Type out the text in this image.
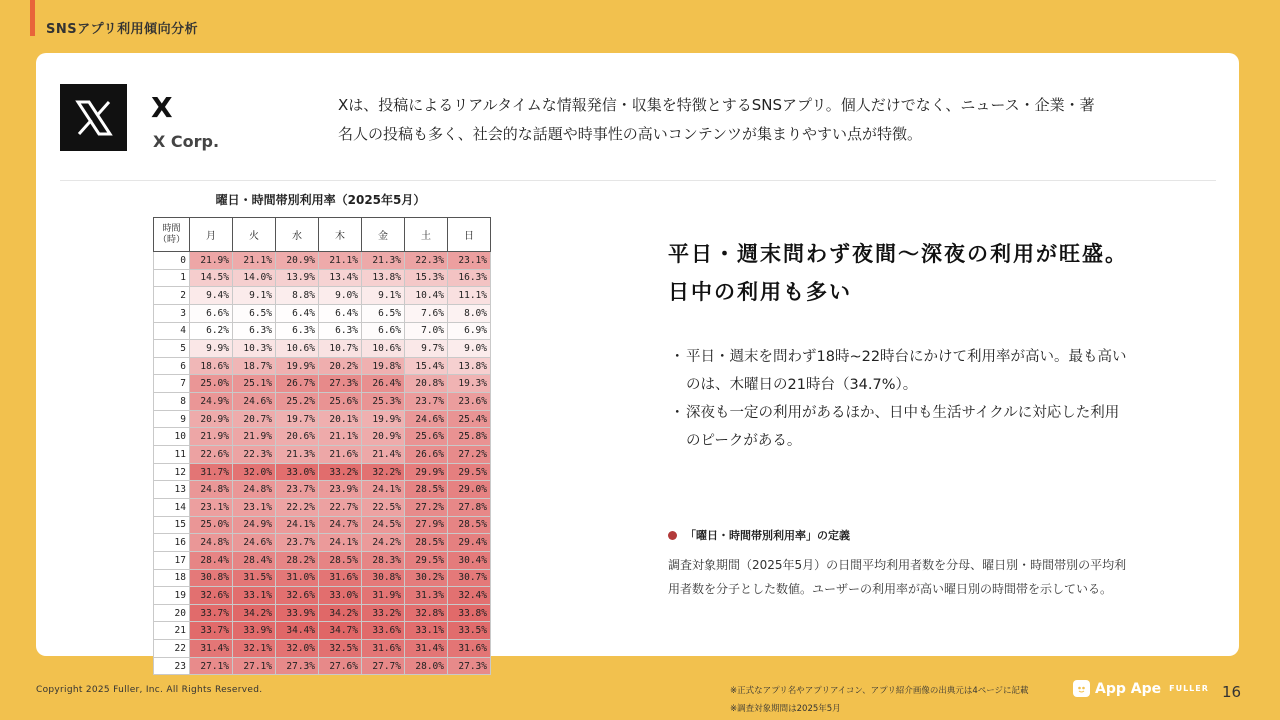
SNSアプリ利用傾向分析
X
X Corp.
Xは、投稿によるリアルタイムな情報発信・収集を特徴とするSNSアプリ。個人だけでなく、ニュース・企業・著名人の投稿も多く、社会的な話題や時事性の高いコンテンツが集まりやすい点が特徴。
曜日・時間帯別利用率（2025年5月）
時間
（時）	月	火	水	木	金	土	日
0	21.9%	21.1%	20.9%	21.1%	21.3%	22.3%	23.1%
1	14.5%	14.0%	13.9%	13.4%	13.8%	15.3%	16.3%
2	9.4%	9.1%	8.8%	9.0%	9.1%	10.4%	11.1%
3	6.6%	6.5%	6.4%	6.4%	6.5%	7.6%	8.0%
4	6.2%	6.3%	6.3%	6.3%	6.6%	7.0%	6.9%
5	9.9%	10.3%	10.6%	10.7%	10.6%	9.7%	9.0%
6	18.6%	18.7%	19.9%	20.2%	19.8%	15.4%	13.8%
7	25.0%	25.1%	26.7%	27.3%	26.4%	20.8%	19.3%
8	24.9%	24.6%	25.2%	25.6%	25.3%	23.7%	23.6%
9	20.9%	20.7%	19.7%	20.1%	19.9%	24.6%	25.4%
10	21.9%	21.9%	20.6%	21.1%	20.9%	25.6%	25.8%
11	22.6%	22.3%	21.3%	21.6%	21.4%	26.6%	27.2%
12	31.7%	32.0%	33.0%	33.2%	32.2%	29.9%	29.5%
13	24.8%	24.8%	23.7%	23.9%	24.1%	28.5%	29.0%
14	23.1%	23.1%	22.2%	22.7%	22.5%	27.2%	27.8%
15	25.0%	24.9%	24.1%	24.7%	24.5%	27.9%	28.5%
16	24.8%	24.6%	23.7%	24.1%	24.2%	28.5%	29.4%
17	28.4%	28.4%	28.2%	28.5%	28.3%	29.5%	30.4%
18	30.8%	31.5%	31.0%	31.6%	30.8%	30.2%	30.7%
19	32.6%	33.1%	32.6%	33.0%	31.9%	31.3%	32.4%
20	33.7%	34.2%	33.9%	34.2%	33.2%	32.8%	33.8%
21	33.7%	33.9%	34.4%	34.7%	33.6%	33.1%	33.5%
22	31.4%	32.1%	32.0%	32.5%	31.6%	31.4%	31.6%
23	27.1%	27.1%	27.3%	27.6%	27.7%	28.0%	27.3%
平日・週末問わず夜間〜深夜の利用が旺盛。
日中の利用も多い
・ 平日・週末を問わず18時~22時台にかけて利用率が高い。最も高いのは、木曜日の21時台（34.7%）。
・ 深夜も一定の利用があるほか、日中も生活サイクルに対応した利用のピークがある。
「曜日・時間帯別利用率」の定義
調査対象期間（2025年5月）の日間平均利用者数を分母、曜日別・時間帯別の平均利用者数を分子とした数値。ユーザーの利用率が高い曜日別の時間帯を示している。
Copyright 2025 Fuller, Inc. All Rights Reserved.	※正式なアプリ名やアプリアイコン、アプリ紹介画像の出典元は4ページに記載
※調査対象期間は2025年5月
App Ape FULLER 16
